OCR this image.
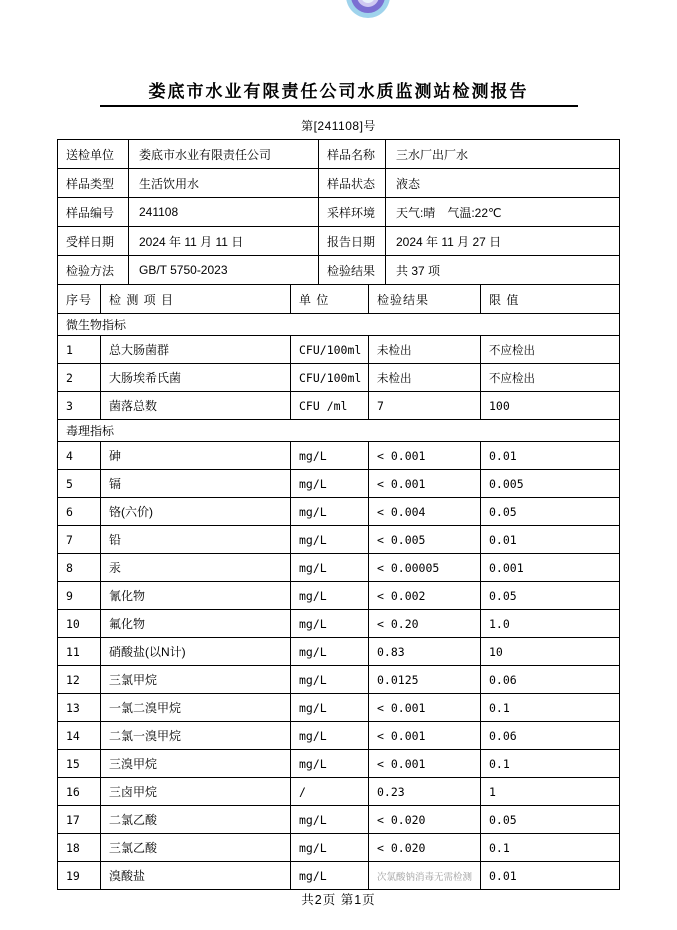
娄底市水业有限责任公司水质监测站检测报告
第[241108]号
送检单位	娄底市水业有限责任公司	样品名称	三水厂出厂水
样品类型	生活饮用水	样品状态	液态
样品编号	241108	采样环境	天气:晴　气温:22℃
受样日期	2024 年 11 月 11 日	报告日期	2024 年 11 月 27 日
检验方法	GB/T 5750-2023	检验结果	共 37 项
序号	检 测 项 目	单 位	检验结果	限 值
微生物指标				
1	总大肠菌群	CFU/100ml	未检出	不应检出
2	大肠埃希氏菌	CFU/100ml	未检出	不应检出
3	菌落总数	CFU /ml	7	100
毒理指标				
4	砷	mg/L	< 0.001	0.01
5	镉	mg/L	< 0.001	0.005
6	铬(六价)	mg/L	< 0.004	0.05
7	铅	mg/L	< 0.005	0.01
8	汞	mg/L	< 0.00005	0.001
9	氰化物	mg/L	< 0.002	0.05
10	氟化物	mg/L	< 0.20	1.0
11	硝酸盐(以N计)	mg/L	0.83	10
12	三氯甲烷	mg/L	0.0125	0.06
13	一氯二溴甲烷	mg/L	< 0.001	0.1
14	二氯一溴甲烷	mg/L	< 0.001	0.06
15	三溴甲烷	mg/L	< 0.001	0.1
16	三卤甲烷	/	0.23	1
17	二氯乙酸	mg/L	< 0.020	0.05
18	三氯乙酸	mg/L	< 0.020	0.1
19	溴酸盐	mg/L	次氯酸钠消毒无需检测	0.01
共2页 第1页
